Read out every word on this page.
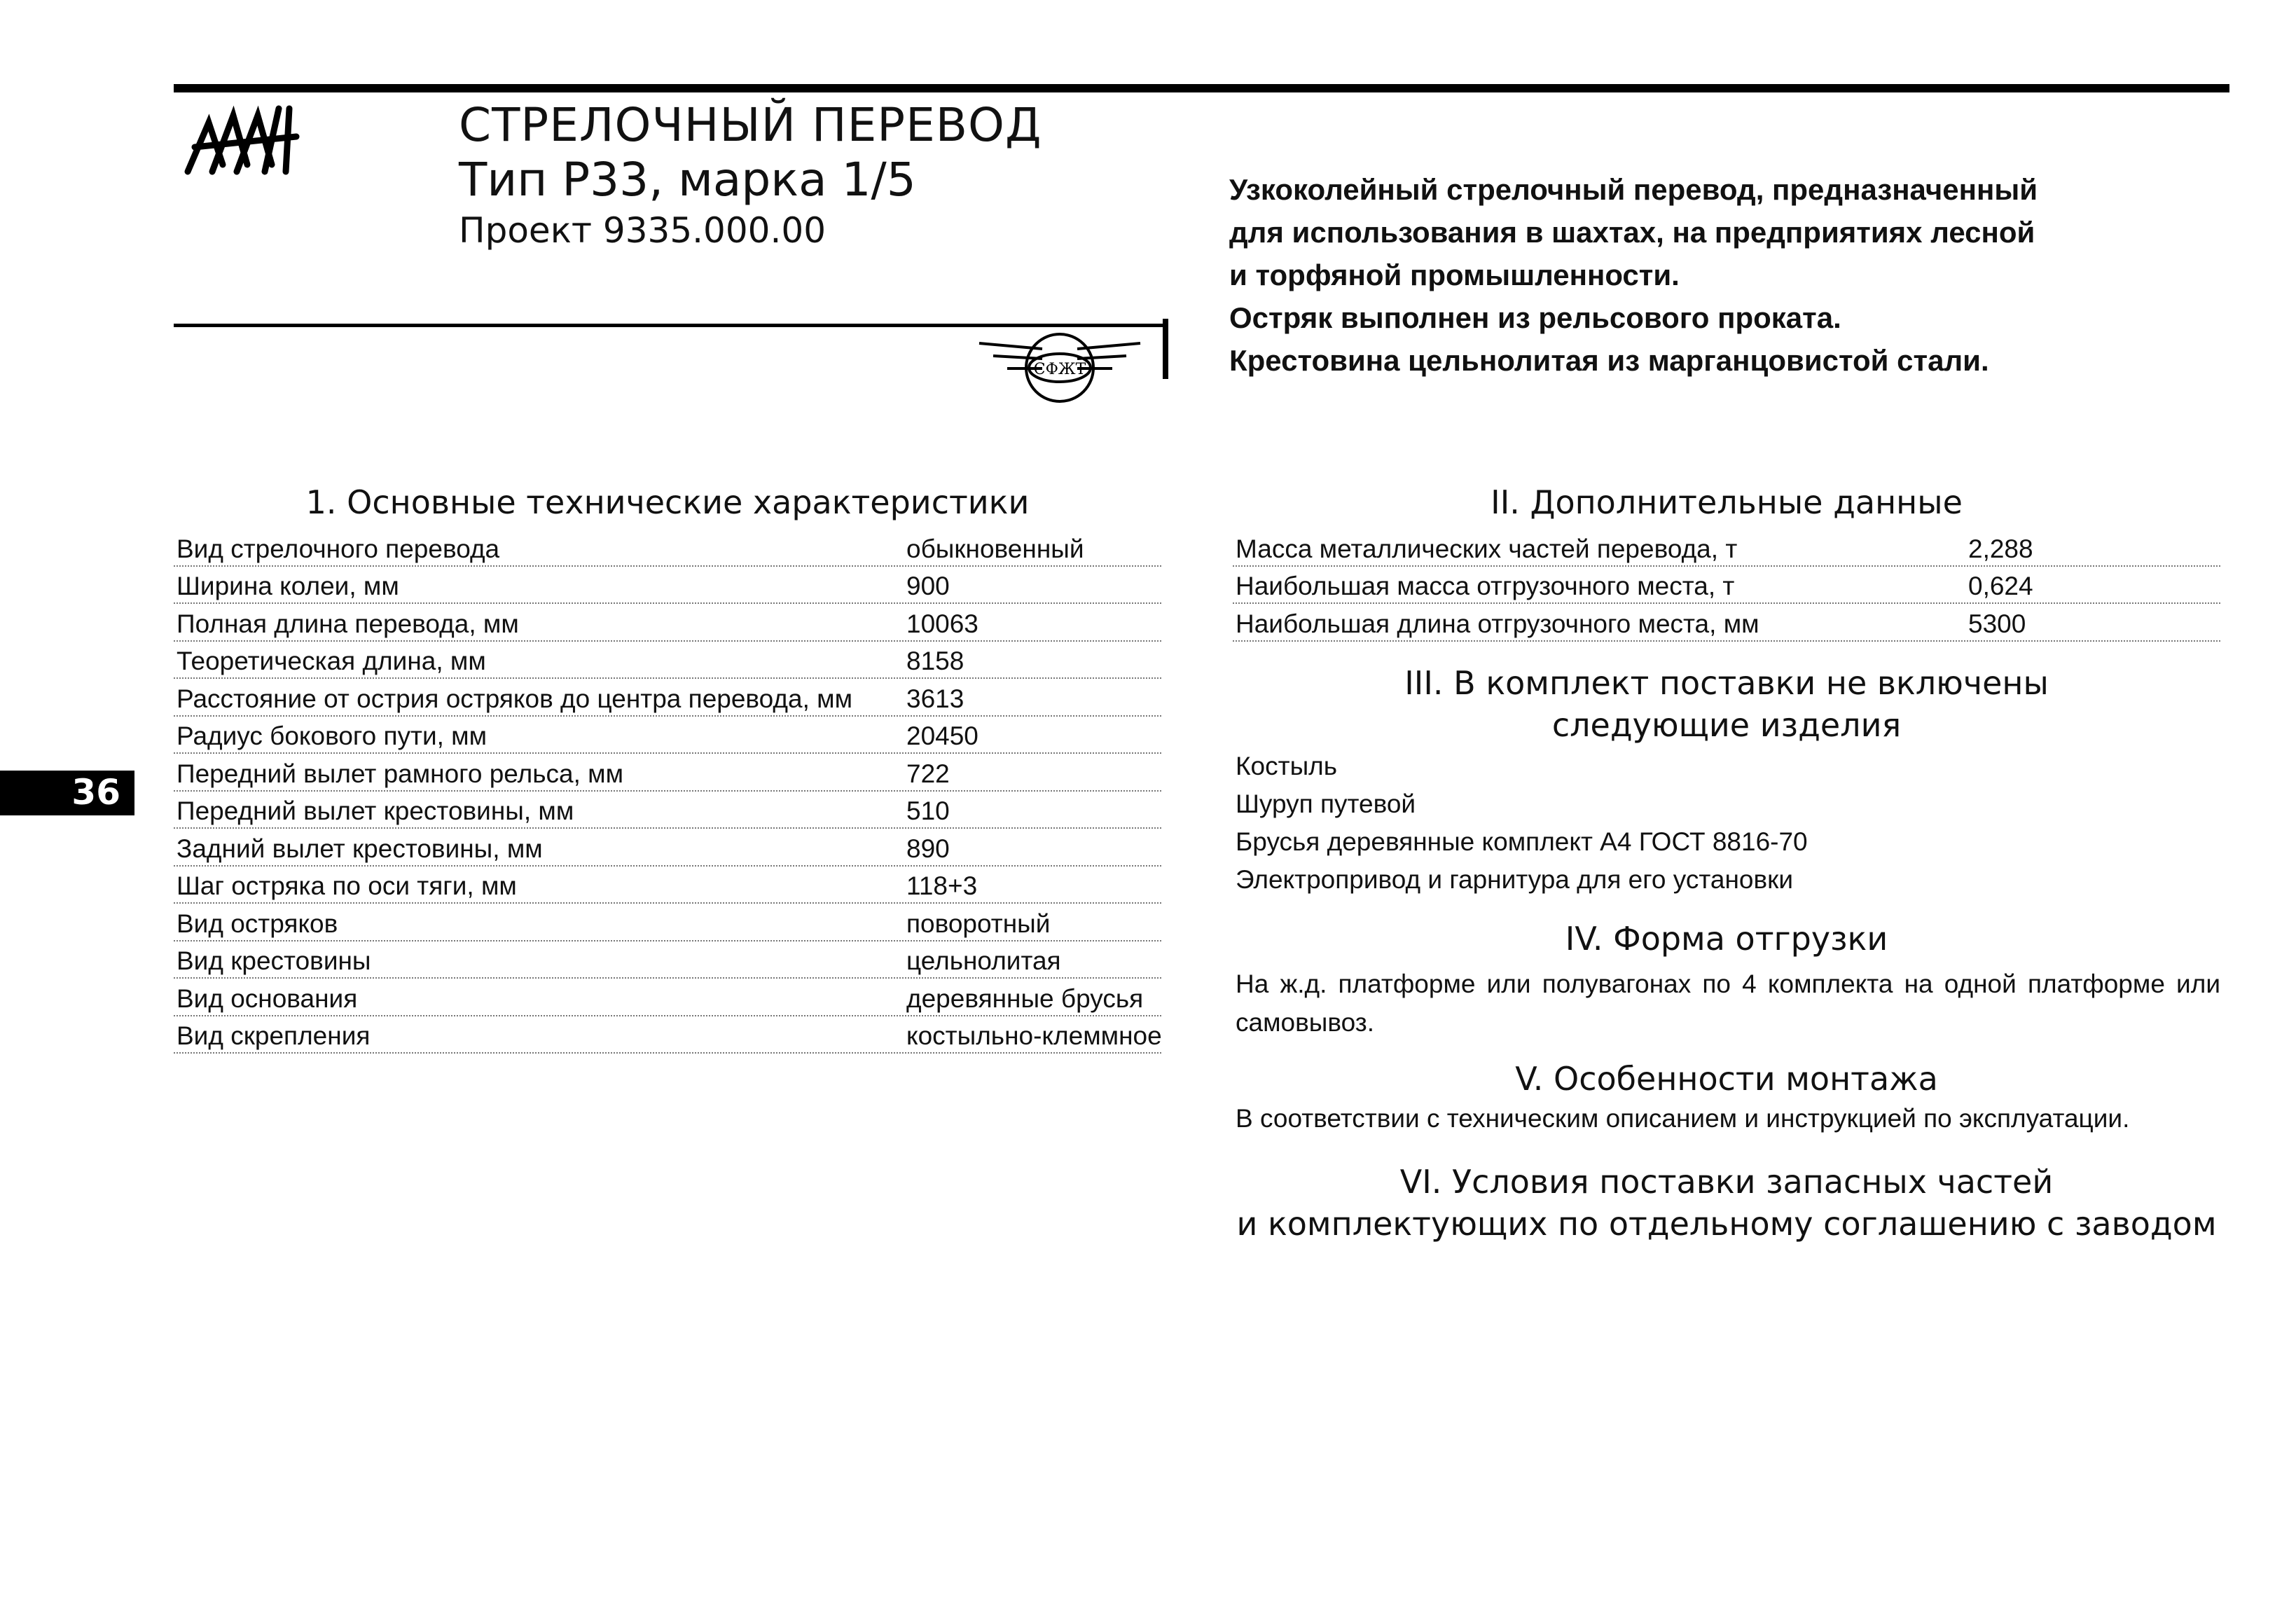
СТРЕЛОЧНЫЙ ПЕРЕВОД
Тип Р33, марка 1/5
Проект 9335.000.00
СФЖТ
Узкоколейный стрелочный перевод, предназначенный
для использования в шахтах, на предприятиях лесной
и торфяной промышленности.
Остряк выполнен из рельсового проката.
Крестовина цельнолитая из марганцовистой стали.
36
1. Основные технические характеристики
Вид стрелочного перевода	обыкновенный
Ширина колеи, мм	900
Полная длина перевода, мм	10063
Теоретическая длина, мм	8158
Расстояние от острия остряков до центра перевода, мм 3613
Радиус бокового пути, мм	20450
Передний вылет рамного рельса, мм	722
Передний вылет крестовины, мм	510
Задний вылет крестовины, мм	890
Шаг остряка по оси тяги, мм	118+3
Вид остряков	поворотный
Вид крестовины	цельнолитая
Вид основания	деревянные брусья
Вид скрепления	костыльно-клеммное
II. Дополнительные данные
Масса металлических частей перевода, т	2,288
Наибольшая масса отгрузочного места, т	0,624
Наибольшая длина отгрузочного места, мм	5300
III. В комплект поставки не включены
следующие изделия
Костыль
Шуруп путевой
Брусья деревянные комплект А4 ГОСТ 8816-70
Электропривод и гарнитура для его установки
IV. Форма отгрузки
На ж.д. платформе или полувагонах по 4 комплекта на одной платформе или самовывоз.
V. Особенности монтажа
В соответствии с техническим описанием и инструкцией по эксплуатации.
VI. Условия поставки запасных частей
и комплектующих по отдельному соглашению с заводом
